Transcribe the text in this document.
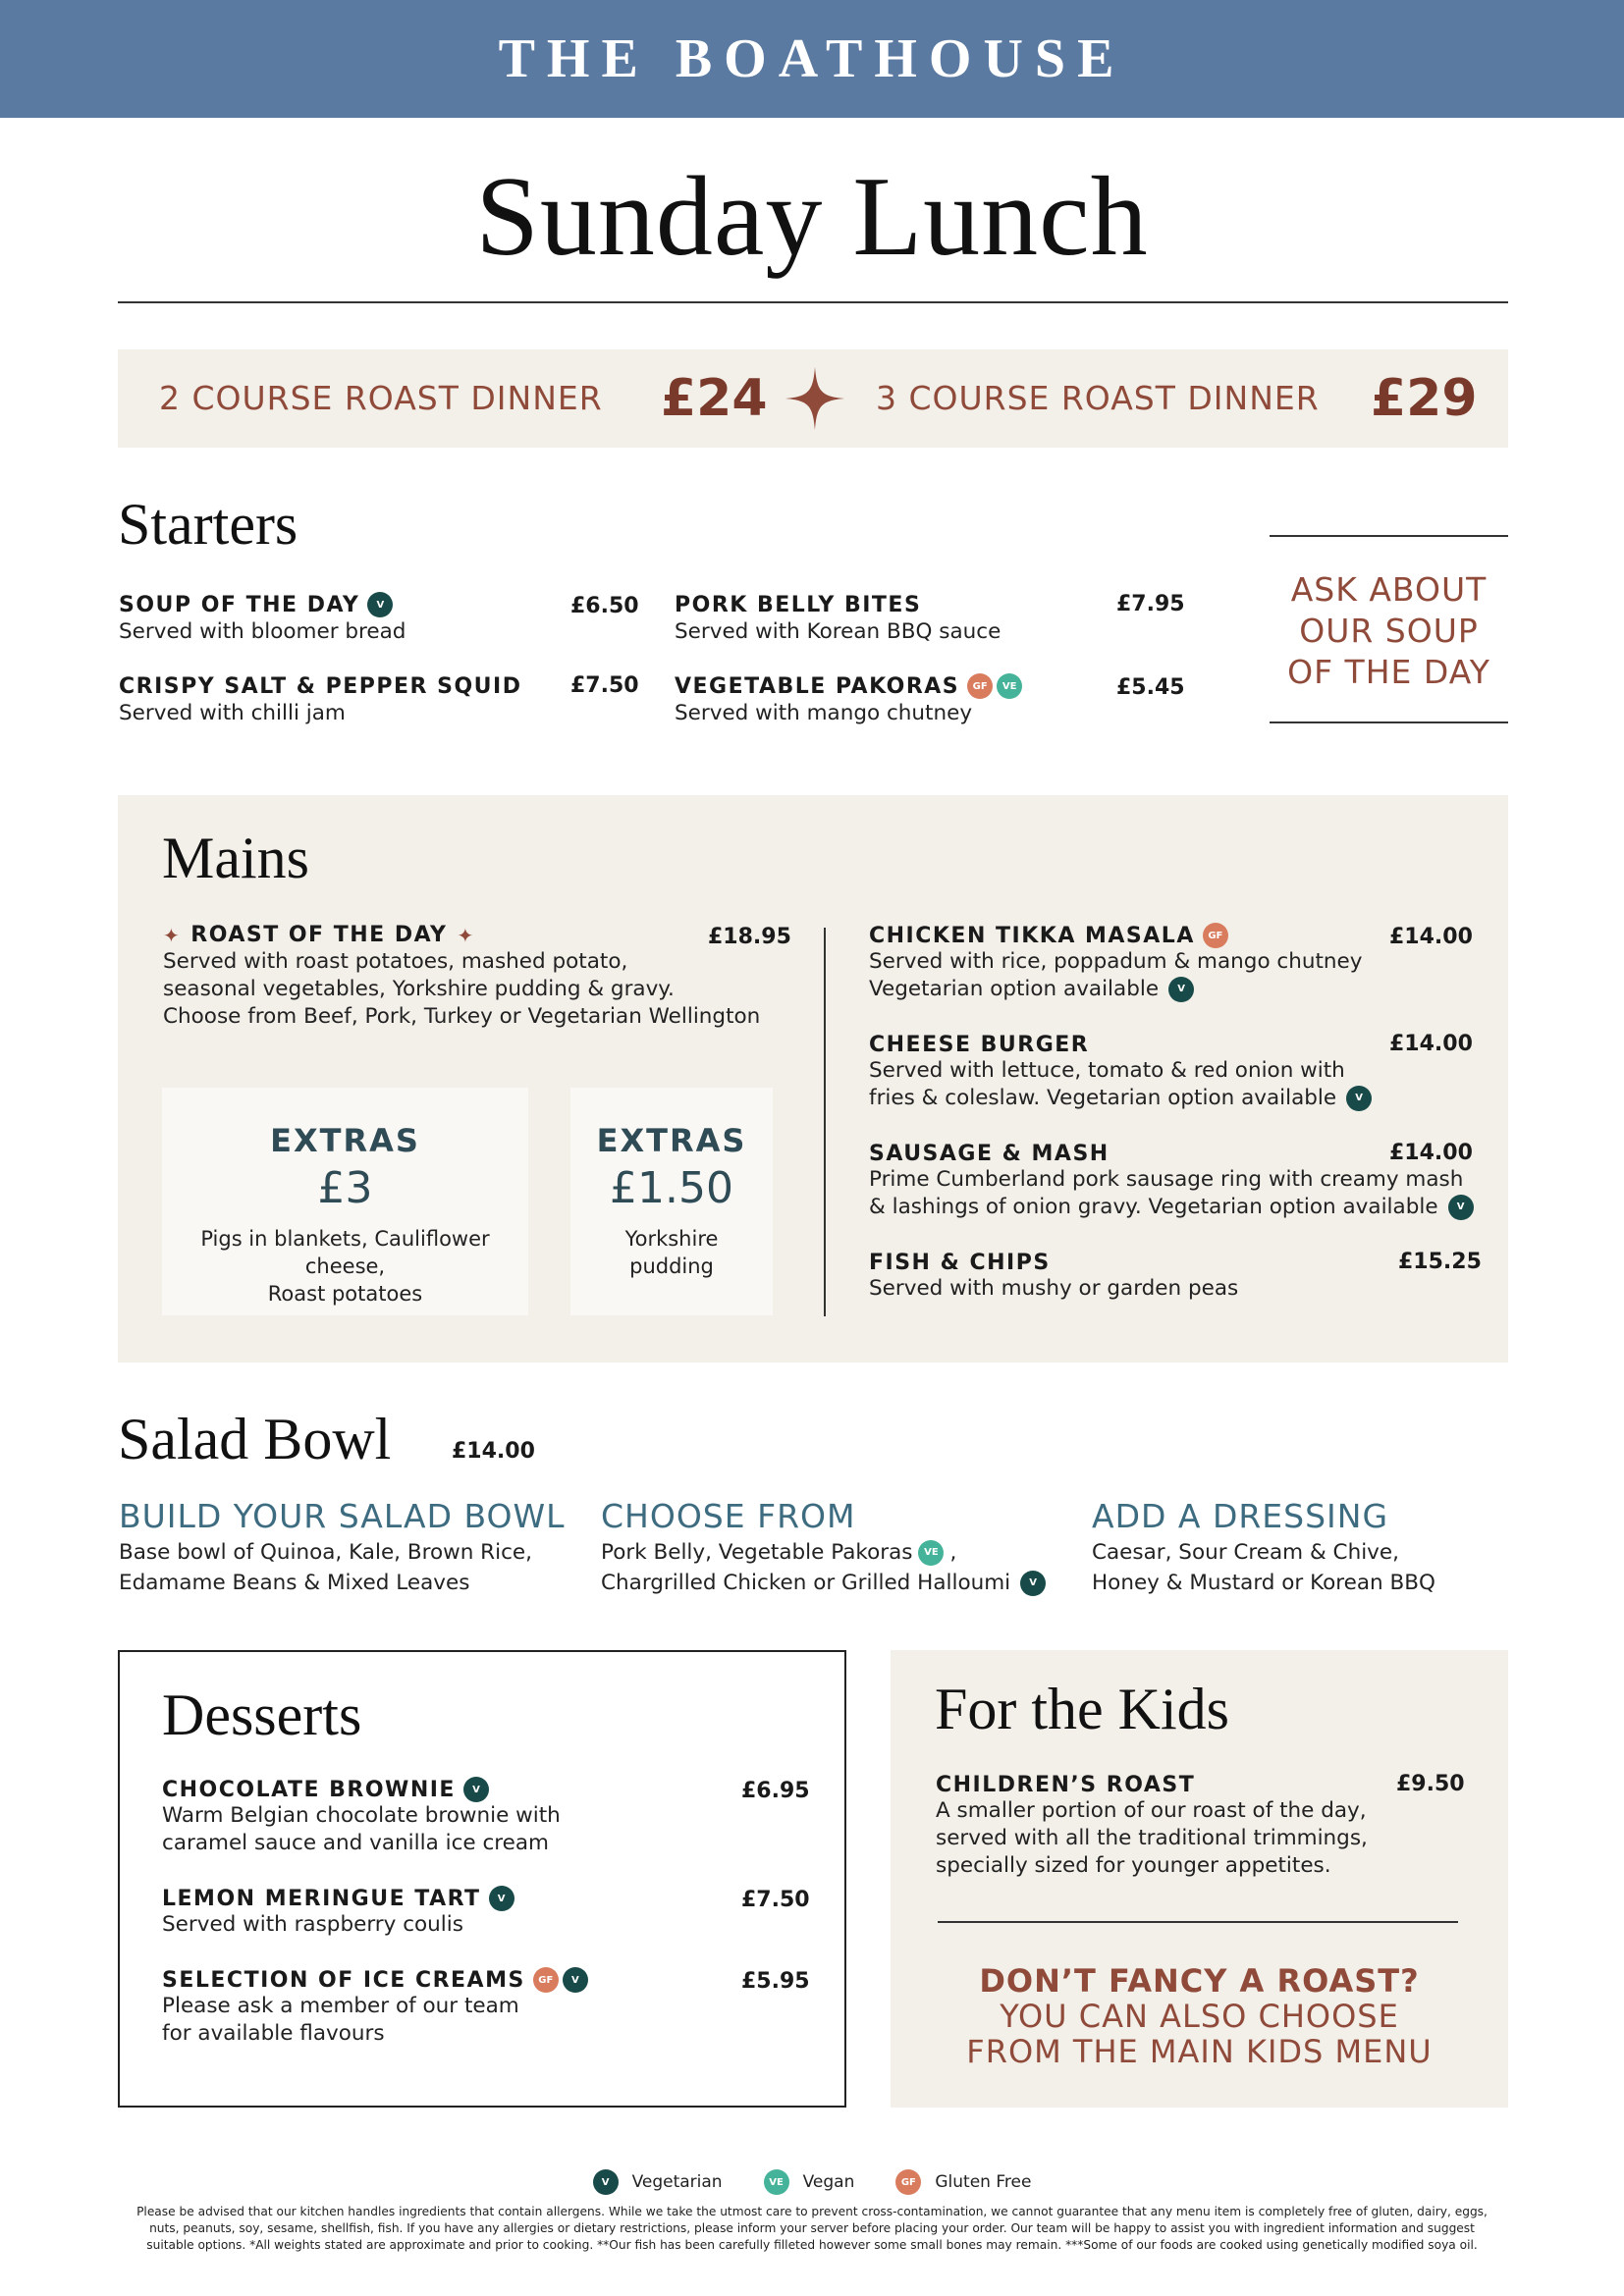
THE BOATHOUSE
Sunday Lunch
2 COURSE ROAST DINNER £24	3 COURSE ROAST DINNER £29
Starters
SOUP OF THE DAY	V	£6.50
Served with bloomer bread
CRISPY SALT & PEPPER SQUID	£7.50
Served with chilli jam
PORK BELLY BITES	£7.95
Served with Korean BBQ sauce
VEGETABLE PAKORAS	GF	VE	£5.45
Served with mango chutney
ASK ABOUT
OUR SOUP
OF THE DAY
Mains
✦ ROAST OF THE DAY ✦	£18.95
Served with roast potatoes, mashed potato,
seasonal vegetables, Yorkshire pudding & gravy.
Choose from Beef, Pork, Turkey or Vegetarian Wellington
EXTRAS
£3
Pigs in blankets, Cauliflower cheese,
Roast potatoes
EXTRAS
£1.50
Yorkshire
pudding
CHICKEN TIKKA MASALA	GF	£14.00
Served with rice, poppadum & mango chutney
Vegetarian option available	V
CHEESE BURGER	£14.00
Served with lettuce, tomato & red onion with
fries & coleslaw. Vegetarian option available	V
SAUSAGE & MASH	£14.00
Prime Cumberland pork sausage ring with creamy mash
& lashings of onion gravy. Vegetarian option available	V
FISH & CHIPS	£15.25
Served with mushy or garden peas
Salad Bowl	£14.00
BUILD YOUR SALAD BOWL
Base bowl of Quinoa, Kale, Brown Rice,
Edamame Beans & Mixed Leaves
CHOOSE FROM
Pork Belly, Vegetable Pakoras	VE ,
Chargrilled Chicken or Grilled Halloumi	V
ADD A DRESSING
Caesar, Sour Cream & Chive,
Honey & Mustard or Korean BBQ
Desserts
CHOCOLATE BROWNIE	V	£6.95
Warm Belgian chocolate brownie with
caramel sauce and vanilla ice cream
LEMON MERINGUE TART	V	£7.50
Served with raspberry coulis
SELECTION OF ICE CREAMS	GF	V	£5.95
Please ask a member of our team
for available flavours
For the Kids
CHILDREN’S ROAST	£9.50
A smaller portion of our roast of the day,
served with all the traditional trimmings,
specially sized for younger appetites.
DON’T FANCY A ROAST?
YOU CAN ALSO CHOOSE
FROM THE MAIN KIDS MENU
V	Vegetarian	VE	Vegan	GF	Gluten Free
Please be advised that our kitchen handles ingredients that contain allergens. While we take the utmost care to prevent cross-contamination, we cannot guarantee that any menu item is completely free of gluten, dairy, eggs,
nuts, peanuts, soy, sesame, shellfish, fish. If you have any allergies or dietary restrictions, please inform your server before placing your order. Our team will be happy to assist you with ingredient information and suggest
suitable options. *All weights stated are approximate and prior to cooking. **Our fish has been carefully filleted however some small bones may remain. ***Some of our foods are cooked using genetically modified soya oil.
